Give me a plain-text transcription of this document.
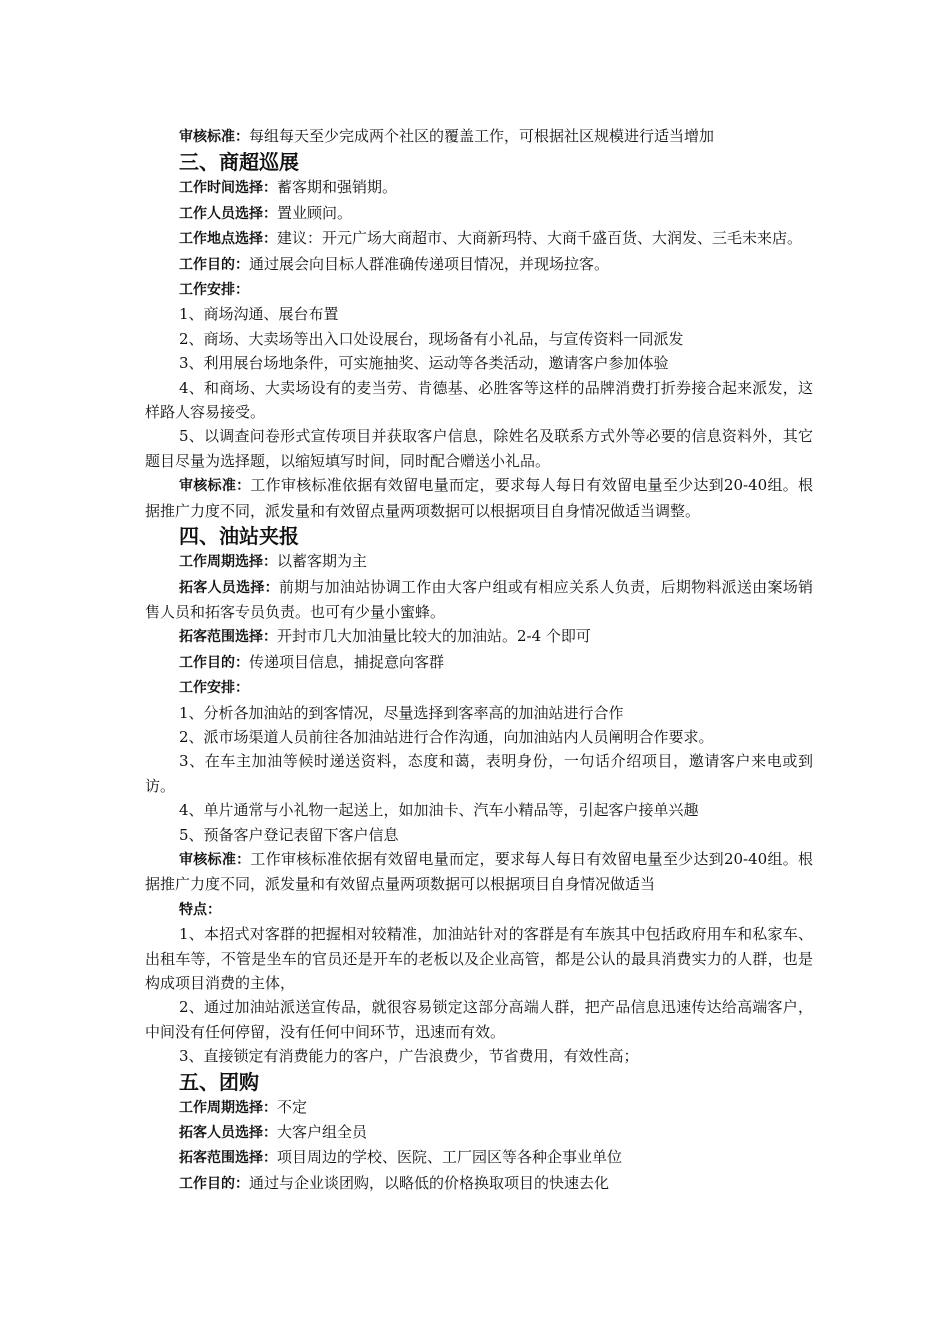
审核标准：每组每天至少完成两个社区的覆盖工作，可根据社区规模进行适当增加

三、商超巡展

工作时间选择：蓄客期和强销期。

工作人员选择：置业顾问。

工作地点选择：建议：开元广场大商超市、大商新玛特、大商千盛百货、大润发、三毛未来店。

工作目的：通过展会向目标人群准确传递项目情况，并现场拉客。

工作安排：

1、商场沟通、展台布置

2、商场、大卖场等出入口处设展台，现场备有小礼品，与宣传资料一同派发

3、利用展台场地条件，可实施抽奖、运动等各类活动，邀请客户参加体验

4、和商场、大卖场设有的麦当劳、肯德基、必胜客等这样的品牌消费打折券接合起来派发，这样路人容易接受。

5、以调查问卷形式宣传项目并获取客户信息，除姓名及联系方式外等必要的信息资料外，其它题目尽量为选择题，以缩短填写时间，同时配合赠送小礼品。

审核标准：工作审核标准依据有效留电量而定，要求每人每日有效留电量至少达到20-40组。根据推广力度不同，派发量和有效留点量两项数据可以根据项目自身情况做适当调整。

四、油站夹报

工作周期选择：以蓄客期为主

拓客人员选择：前期与加油站协调工作由大客户组或有相应关系人负责，后期物料派送由案场销售人员和拓客专员负责。也可有少量小蜜蜂。

拓客范围选择：开封市几大加油量比较大的加油站。2-4 个即可

工作目的：传递项目信息，捕捉意向客群

工作安排：

1、分析各加油站的到客情况，尽量选择到客率高的加油站进行合作

2、派市场渠道人员前往各加油站进行合作沟通，向加油站内人员阐明合作要求。

3、在车主加油等候时递送资料，态度和蔼，表明身份，一句话介绍项目，邀请客户来电或到访。

4、单片通常与小礼物一起送上，如加油卡、汽车小精品等，引起客户接单兴趣

5、预备客户登记表留下客户信息

审核标准：工作审核标准依据有效留电量而定，要求每人每日有效留电量至少达到20-40组。根据推广力度不同，派发量和有效留点量两项数据可以根据项目自身情况做适当

特点：

1、本招式对客群的把握相对较精准，加油站针对的客群是有车族其中包括政府用车和私家车、出租车等，不管是坐车的官员还是开车的老板以及企业高管，都是公认的最具消费实力的人群，也是构成项目消费的主体，

2、通过加油站派送宣传品，就很容易锁定这部分高端人群，把产品信息迅速传达给高端客户，中间没有任何停留，没有任何中间环节，迅速而有效。

3、直接锁定有消费能力的客户，广告浪费少，节省费用，有效性高；

五、团购

工作周期选择：不定

拓客人员选择：大客户组全员

拓客范围选择：项目周边的学校、医院、工厂园区等各种企事业单位

工作目的：通过与企业谈团购，以略低的价格换取项目的快速去化
